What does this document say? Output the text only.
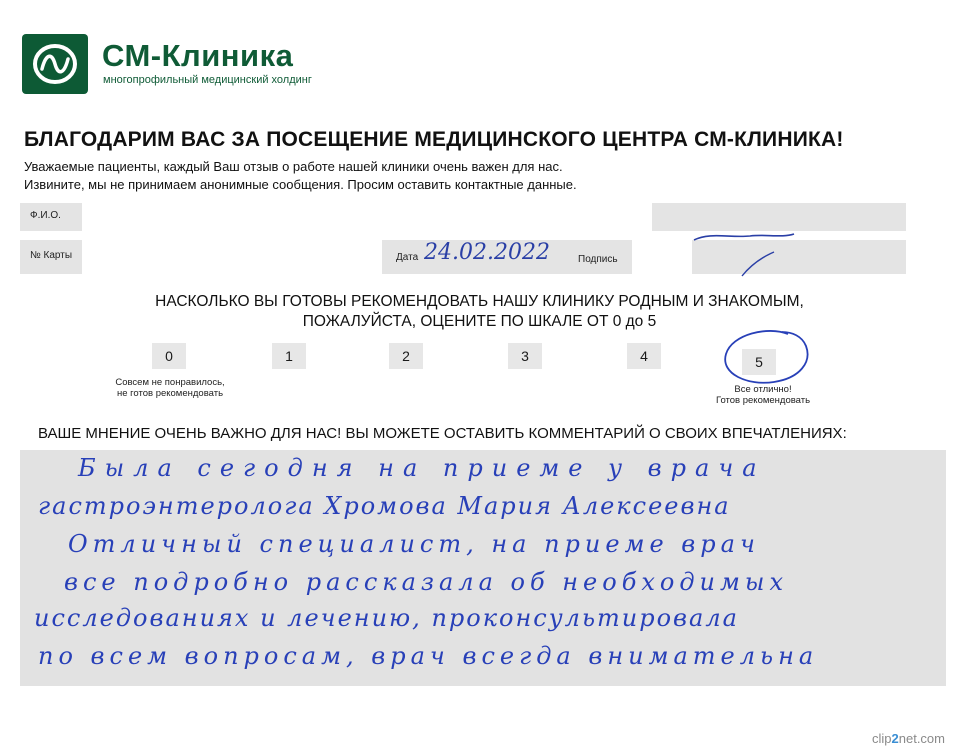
СМ-Клиника
многопрофильный медицинский холдинг
БЛАГОДАРИМ ВАС ЗА ПОСЕЩЕНИЕ МЕДИЦИНСКОГО ЦЕНТРА СМ-КЛИНИКА!
Уважаемые пациенты, каждый Ваш отзыв о работе нашей клиники очень важен для нас.
Извините, мы не принимаем анонимные сообщения. Просим оставить контактные данные.
Ф.И.О.
№ Карты	Дата 24.02.2022	Подпись
НАСКОЛЬКО ВЫ ГОТОВЫ РЕКОМЕНДОВАТЬ НАШУ КЛИНИКУ РОДНЫМ И ЗНАКОМЫМ,
ПОЖАЛУЙСТА, ОЦЕНИТЕ ПО ШКАЛЕ ОТ 0 до 5
0	1	2	3	4	5
Совсем не понравилось,
не готов рекомендовать	Все отлично!
Готов рекомендовать
ВАШЕ МНЕНИЕ ОЧЕНЬ ВАЖНО ДЛЯ НАС! ВЫ МОЖЕТЕ ОСТАВИТЬ КОММЕНТАРИЙ О СВОИХ ВПЕЧАТЛЕНИЯХ:
Была сегодня на приеме у врача
гастроэнтеролога Хромова Мария Алексеевна
Отличный специалист, на приеме врач
все подробно рассказала об необходимых
исследованиях и лечению, проконсультировала
по всем вопросам, врач всегда внимательна
clip2net.com
